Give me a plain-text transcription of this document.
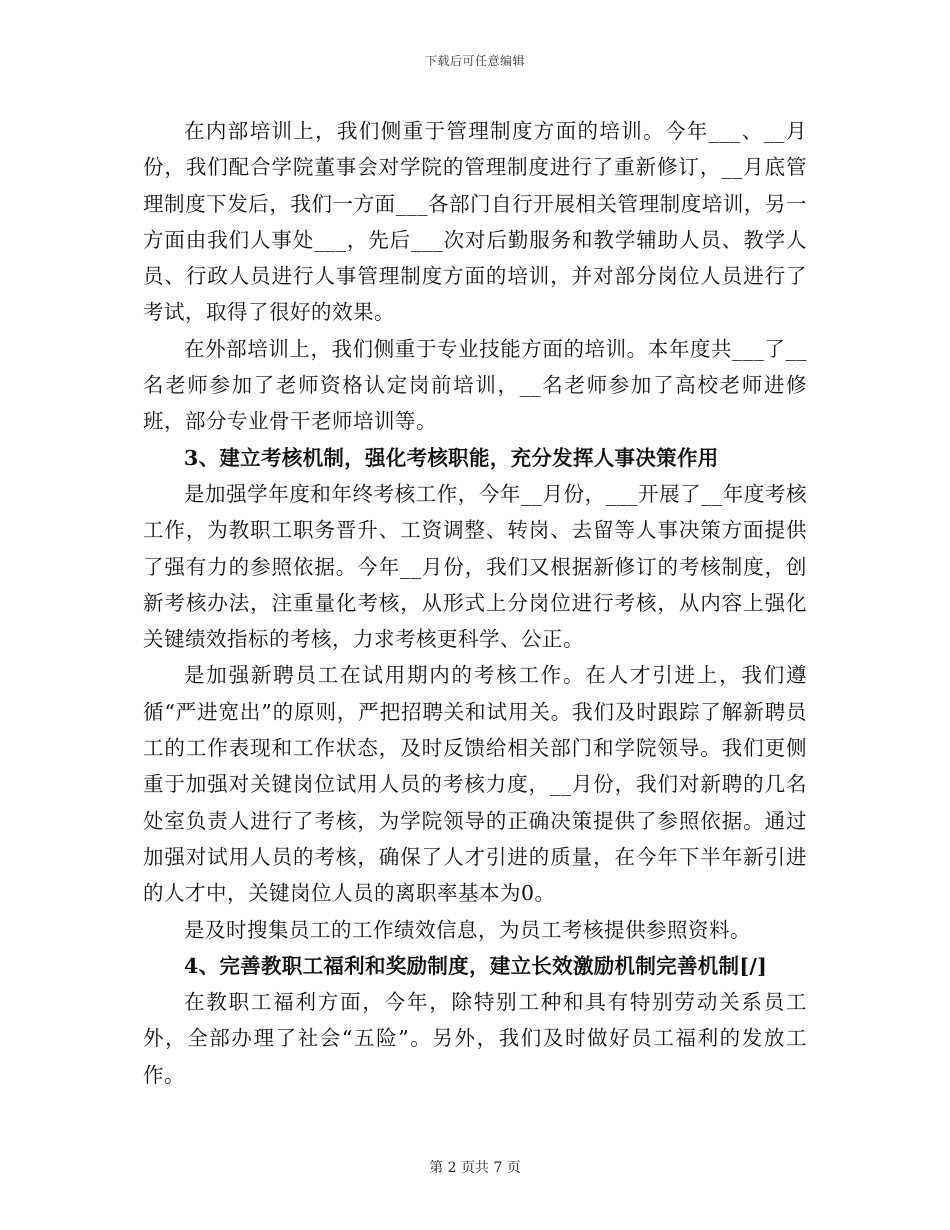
下载后可任意编辑

在内部培训上，我们侧重于管理制度方面的培训。今年___、__月份，我们配合学院董事会对学院的管理制度进行了重新修订，__月底管理制度下发后，我们一方面___各部门自行开展相关管理制度培训，另一方面由我们人事处___，先后___次对后勤服务和教学辅助人员、教学人员、行政人员进行人事管理制度方面的培训，并对部分岗位人员进行了考试，取得了很好的效果。

在外部培训上，我们侧重于专业技能方面的培训。本年度共___了__名老师参加了老师资格认定岗前培训，__名老师参加了高校老师进修班，部分专业骨干老师培训等。

3、建立考核机制，强化考核职能，充分发挥人事决策作用

是加强学年度和年终考核工作，今年__月份，___开展了__年度考核工作，为教职工职务晋升、工资调整、转岗、去留等人事决策方面提供了强有力的参照依据。今年__月份，我们又根据新修订的考核制度，创新考核办法，注重量化考核，从形式上分岗位进行考核，从内容上强化关键绩效指标的考核，力求考核更科学、公正。

是加强新聘员工在试用期内的考核工作。在人才引进上，我们遵循“严进宽出”的原则，严把招聘关和试用关。我们及时跟踪了解新聘员工的工作表现和工作状态，及时反馈给相关部门和学院领导。我们更侧重于加强对关键岗位试用人员的考核力度，__月份，我们对新聘的几名处室负责人进行了考核，为学院领导的正确决策提供了参照依据。通过加强对试用人员的考核，确保了人才引进的质量，在今年下半年新引进的人才中，关键岗位人员的离职率基本为0。

是及时搜集员工的工作绩效信息，为员工考核提供参照资料。

4、完善教职工福利和奖励制度，建立长效激励机制完善机制[/]

在教职工福利方面，今年，除特别工种和具有特别劳动关系员工外，全部办理了社会“五险”。另外，我们及时做好员工福利的发放工作。

第 2 页共 7 页
